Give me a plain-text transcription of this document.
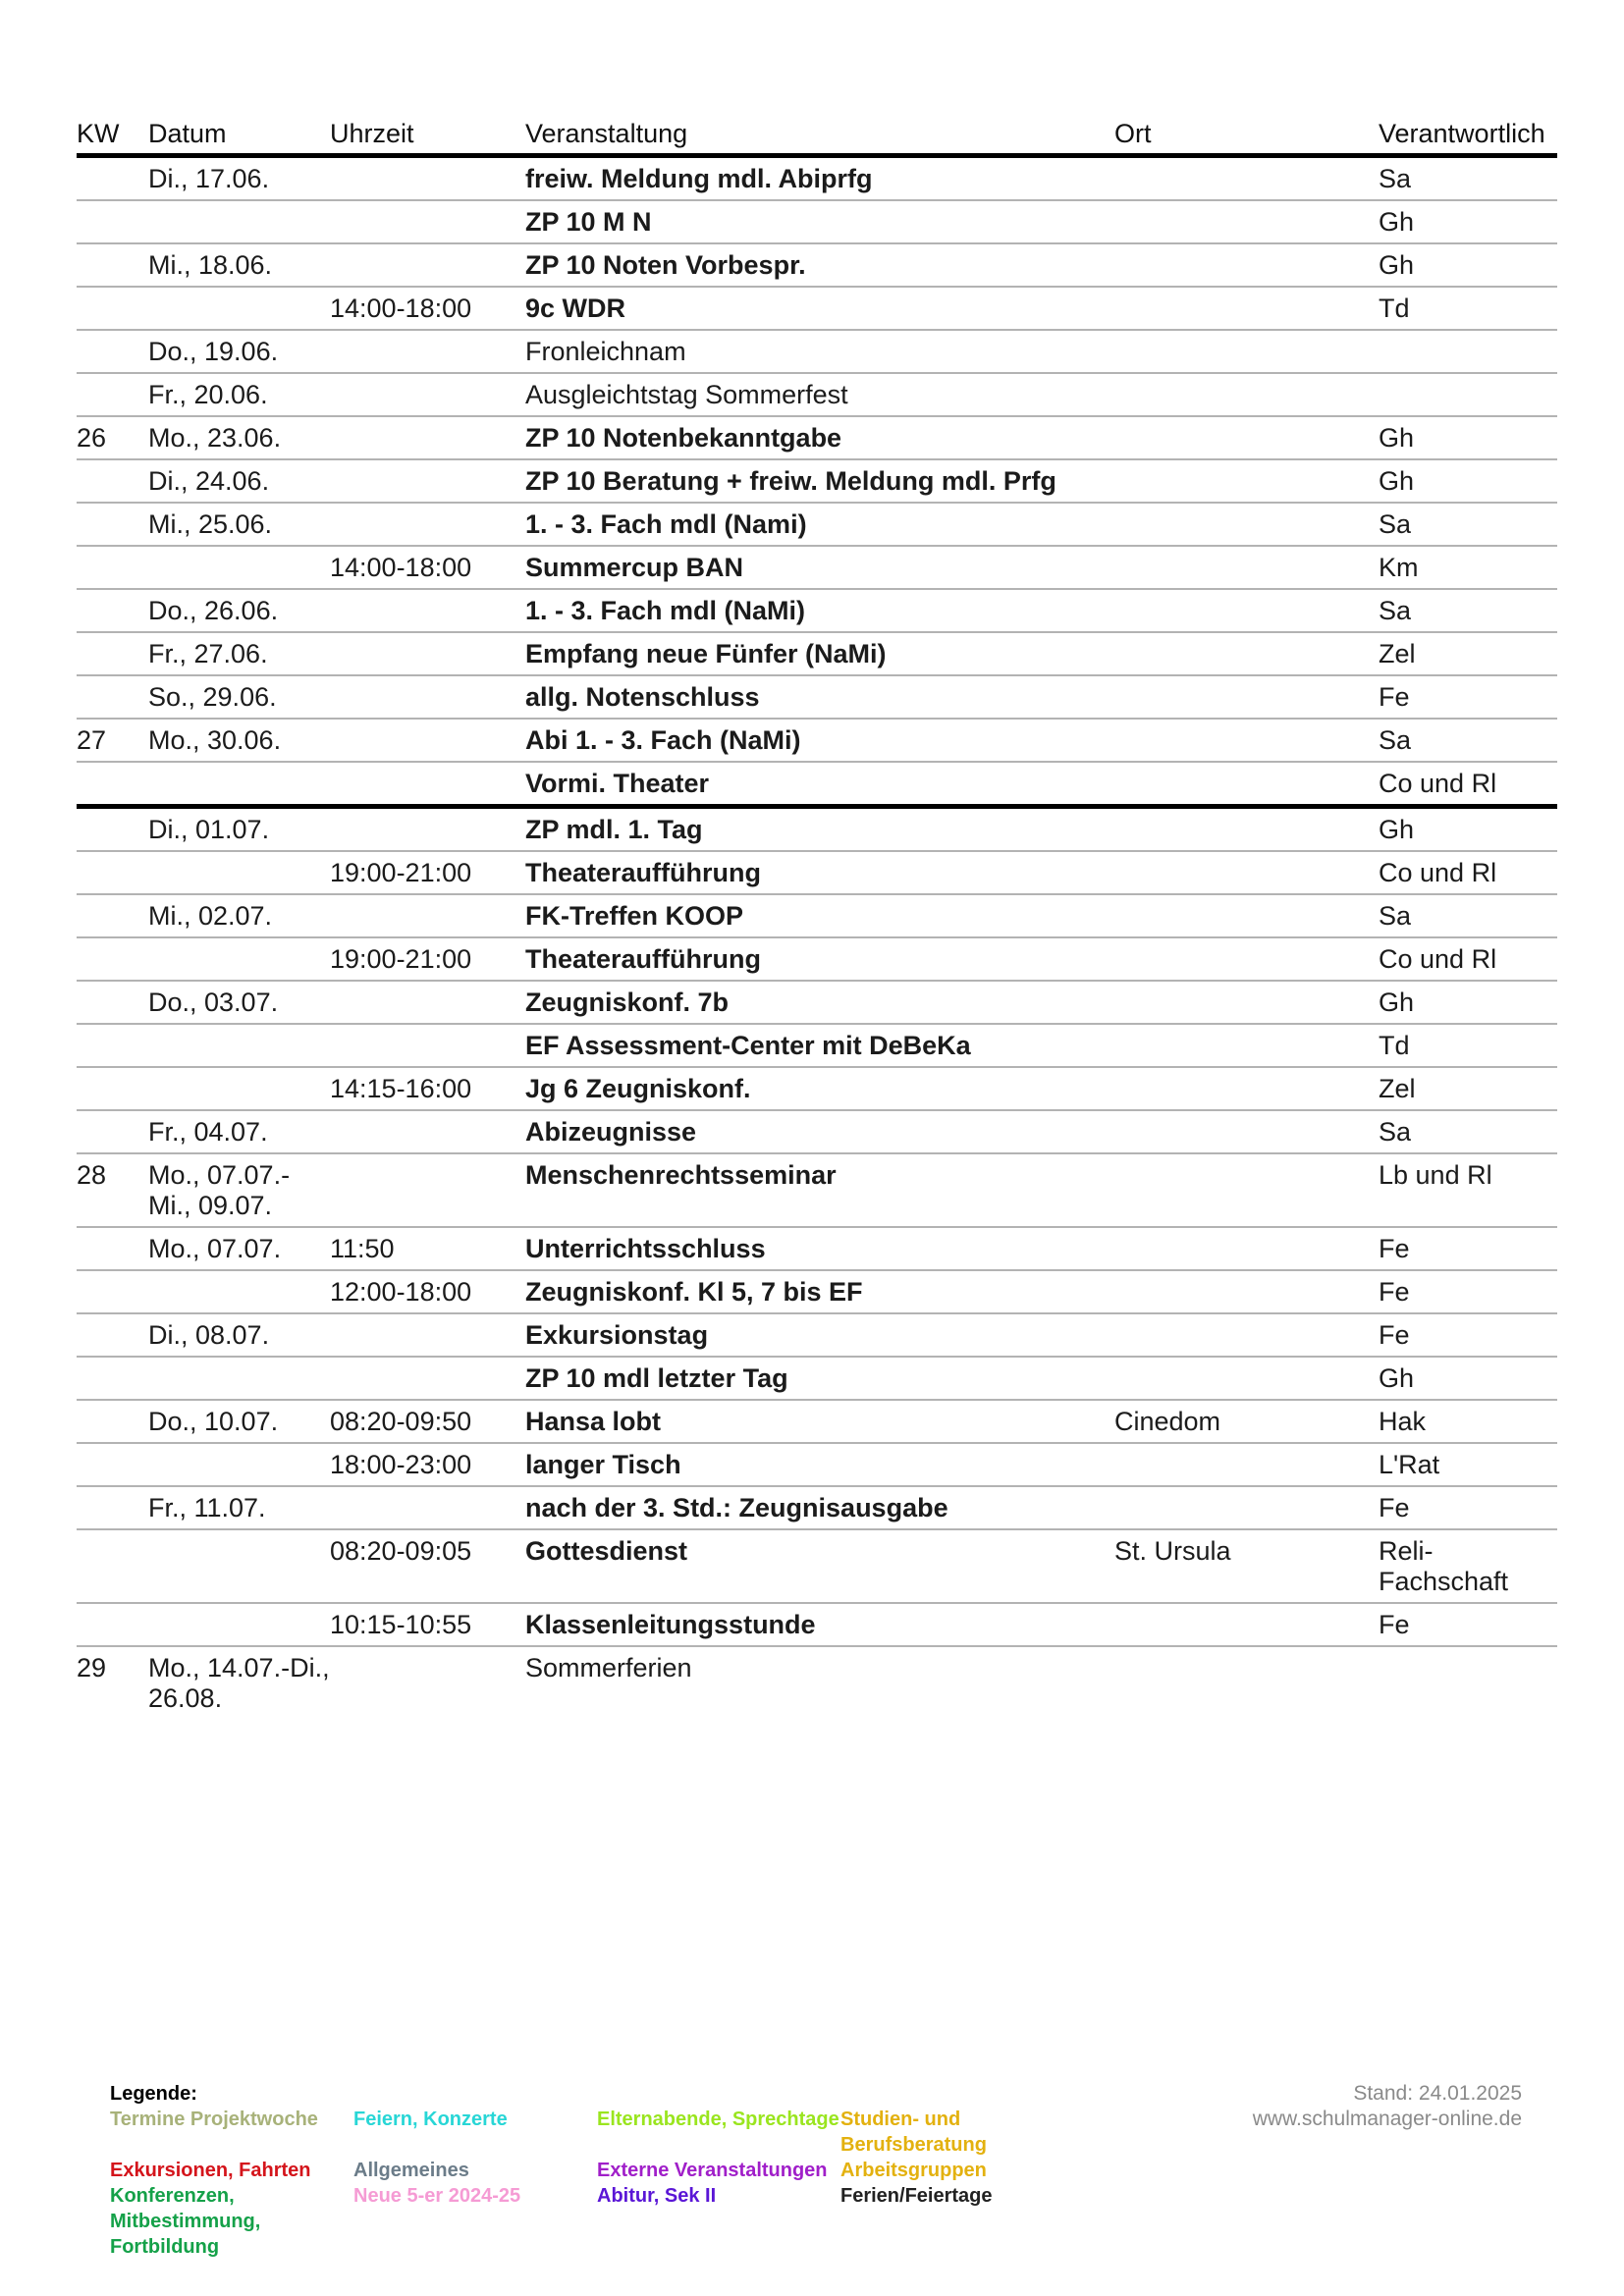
KW	Datum	Uhrzeit	Veranstaltung	Ort	Verantwortlich
	Di., 17.06.		freiw. Meldung mdl. Abiprfg		Sa
			ZP 10 M N		Gh
	Mi., 18.06.		ZP 10 Noten Vorbespr.		Gh
		14:00-18:00	9c WDR		Td
	Do., 19.06.		Fronleichnam		
	Fr., 20.06.		Ausgleichtstag Sommerfest		
26	Mo., 23.06.		ZP 10 Notenbekanntgabe		Gh
	Di., 24.06.		ZP 10 Beratung + freiw. Meldung mdl. Prfg		Gh
	Mi., 25.06.		1. - 3. Fach mdl (Nami)		Sa
		14:00-18:00	Summercup BAN		Km
	Do., 26.06.		1. - 3. Fach mdl (NaMi)		Sa
	Fr., 27.06.		Empfang neue Fünfer (NaMi)		Zel
	So., 29.06.		allg. Notenschluss		Fe
27	Mo., 30.06.		Abi 1. - 3. Fach (NaMi)		Sa
			Vormi. Theater		Co und Rl
	Di., 01.07.		ZP mdl. 1. Tag		Gh
		19:00-21:00	Theateraufführung		Co und Rl
	Mi., 02.07.		FK-Treffen KOOP		Sa
		19:00-21:00	Theateraufführung		Co und Rl
	Do., 03.07.		Zeugniskonf. 7b		Gh
			EF Assessment-Center mit DeBeKa		Td
		14:15-16:00	Jg 6 Zeugniskonf.		Zel
	Fr., 04.07.		Abizeugnisse		Sa
28	Mo., 07.07.-Mi., 09.07.		Menschenrechtsseminar		Lb und Rl
	Mo., 07.07.	11:50	Unterrichtsschluss		Fe
		12:00-18:00	Zeugniskonf. Kl 5, 7 bis EF		Fe
	Di., 08.07.		Exkursionstag		Fe
			ZP 10 mdl letzter Tag		Gh
	Do., 10.07.	08:20-09:50	Hansa lobt	Cinedom	Hak
		18:00-23:00	langer Tisch		L'Rat
	Fr., 11.07.		nach der 3. Std.: Zeugnisausgabe		Fe
		08:20-09:05	Gottesdienst	St. Ursula	Reli-Fachschaft
		10:15-10:55	Klassenleitungsstunde		Fe
29	Mo., 14.07.-Di., 26.08.		Sommerferien		
Legende:
Termine Projektwoche	Feiern, Konzerte	Elternabende, Sprechtage Studien- und Berufsberatung
Exkursionen, Fahrten	Allgemeines	Externe Veranstaltungen Arbeitsgruppen
Konferenzen, Mitbestimmung, Fortbildung
Neue 5-er 2024-25	Abitur, Sek II	Ferien/Feiertage
Stand: 24.01.2025
www.schulmanager-online.de
